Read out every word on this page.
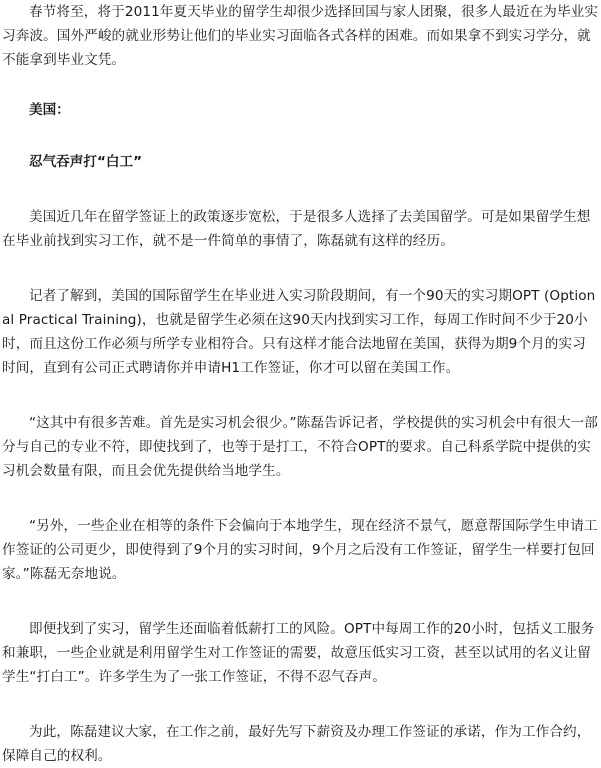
春节将至，将于2011年夏天毕业的留学生却很少选择回国与家人团聚，很多人最近在为毕业实习奔波。国外严峻的就业形势让他们的毕业实习面临各式各样的困难。而如果拿不到实习学分，就不能拿到毕业文凭。

美国：

忍气吞声打“白工”

美国近几年在留学签证上的政策逐步宽松，于是很多人选择了去美国留学。可是如果留学生想在毕业前找到实习工作，就不是一件简单的事情了，陈磊就有这样的经历。

记者了解到，美国的国际留学生在毕业进入实习阶段期间，有一个90天的实习期OPT (Optional Practical Training)，也就是留学生必须在这90天内找到实习工作，每周工作时间不少于20小时，而且这份工作必须与所学专业相符合。只有这样才能合法地留在美国，获得为期9个月的实习时间，直到有公司正式聘请你并申请H1工作签证，你才可以留在美国工作。

“这其中有很多苦难。首先是实习机会很少。”陈磊告诉记者，学校提供的实习机会中有很大一部分与自己的专业不符，即使找到了，也等于是打工，不符合OPT的要求。自己科系学院中提供的实习机会数量有限，而且会优先提供给当地学生。

“另外，一些企业在相等的条件下会偏向于本地学生，现在经济不景气，愿意帮国际学生申请工作签证的公司更少，即使得到了9个月的实习时间，9个月之后没有工作签证，留学生一样要打包回家。”陈磊无奈地说。

即便找到了实习，留学生还面临着低薪打工的风险。OPT中每周工作的20小时，包括义工服务和兼职，一些企业就是利用留学生对工作签证的需要，故意压低实习工资，甚至以试用的名义让留学生“打白工”。许多学生为了一张工作签证，不得不忍气吞声。

为此，陈磊建议大家，在工作之前，最好先写下薪资及办理工作签证的承诺，作为工作合约，保障自己的权利。
